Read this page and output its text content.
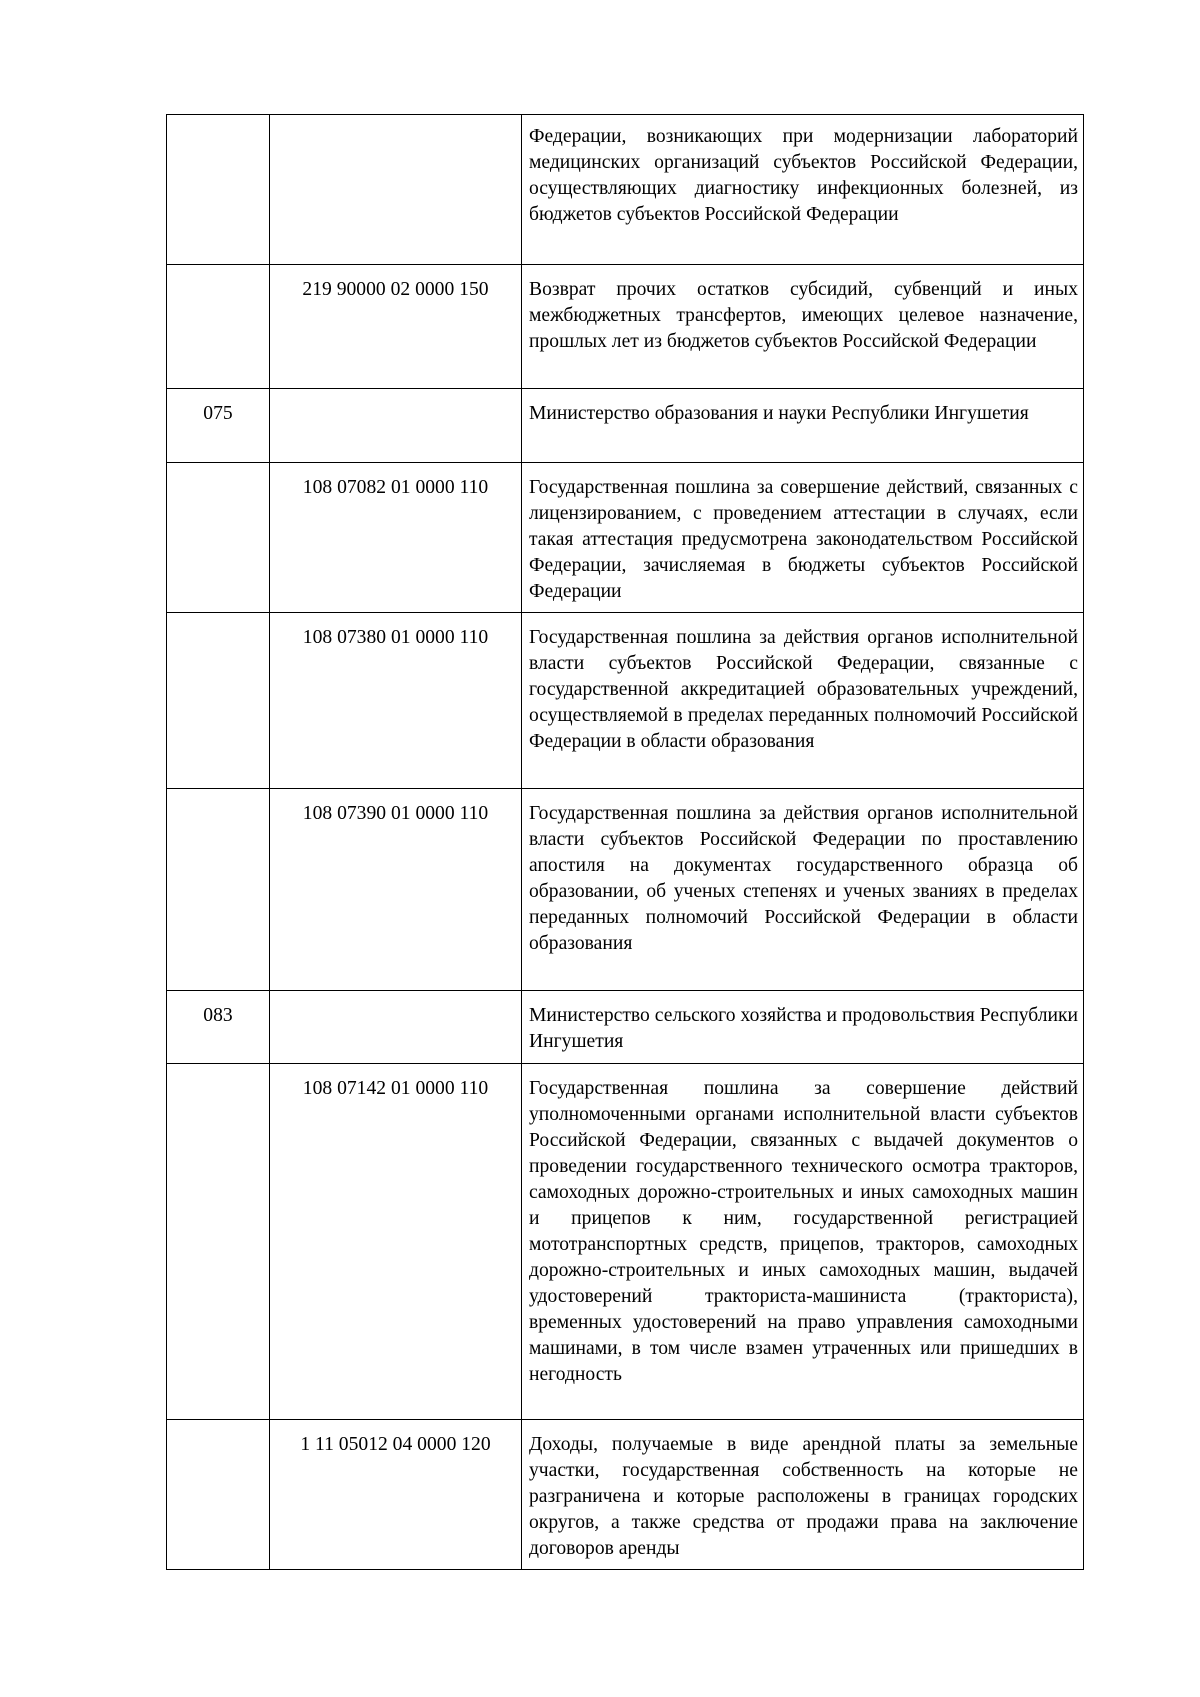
		Федерации, возникающих при модернизации лабораторий медицинских организаций субъектов Российской Федерации, осуществляющих диагностику инфекционных болезней, из бюджетов субъектов Российской Федерации

	219 90000 02 0000 150	Возврат прочих остатков субсидий, субвенций и иных межбюджетных трансфертов, имеющих целевое назначение, прошлых лет из бюджетов субъектов Российской Федерации

075		Министерство образования и науки Республики Ингушетия

	108 07082 01 0000 110	Государственная пошлина за совершение действий, связанных с лицензированием, с проведением аттестации в случаях, если такая аттестация предусмотрена законодательством Российской Федерации, зачисляемая в бюджеты субъектов Российской Федерации

	108 07380 01 0000 110	Государственная пошлина за действия органов исполнительной власти субъектов Российской Федерации, связанные с государственной аккредитацией образовательных учреждений, осуществляемой в пределах переданных полномочий Российской Федерации в области образования

	108 07390 01 0000 110	Государственная пошлина за действия органов исполнительной власти субъектов Российской Федерации по проставлению апостиля на документах государственного образца об образовании, об ученых степенях и ученых званиях в пределах переданных полномочий Российской Федерации в области образования

083		Министерство сельского хозяйства и продовольствия Республики Ингушетия

	108 07142 01 0000 110	Государственная пошлина за совершение действий уполномоченными органами исполнительной власти субъектов Российской Федерации, связанных с выдачей документов о проведении государственного технического осмотра тракторов, самоходных дорожно-строительных и иных самоходных машин и прицепов к ним, государственной регистрацией мототранспортных средств, прицепов, тракторов, самоходных дорожно-строительных и иных самоходных машин, выдачей удостоверений тракториста-машиниста (тракториста), временных удостоверений на право управления самоходными машинами, в том числе взамен утраченных или пришедших в негодность

	1 11 05012 04 0000 120	Доходы, получаемые в виде арендной платы за земельные участки, государственная собственность на которые не разграничена и которые расположены в границах городских округов, а также средства от продажи права на заключение договоров аренды
